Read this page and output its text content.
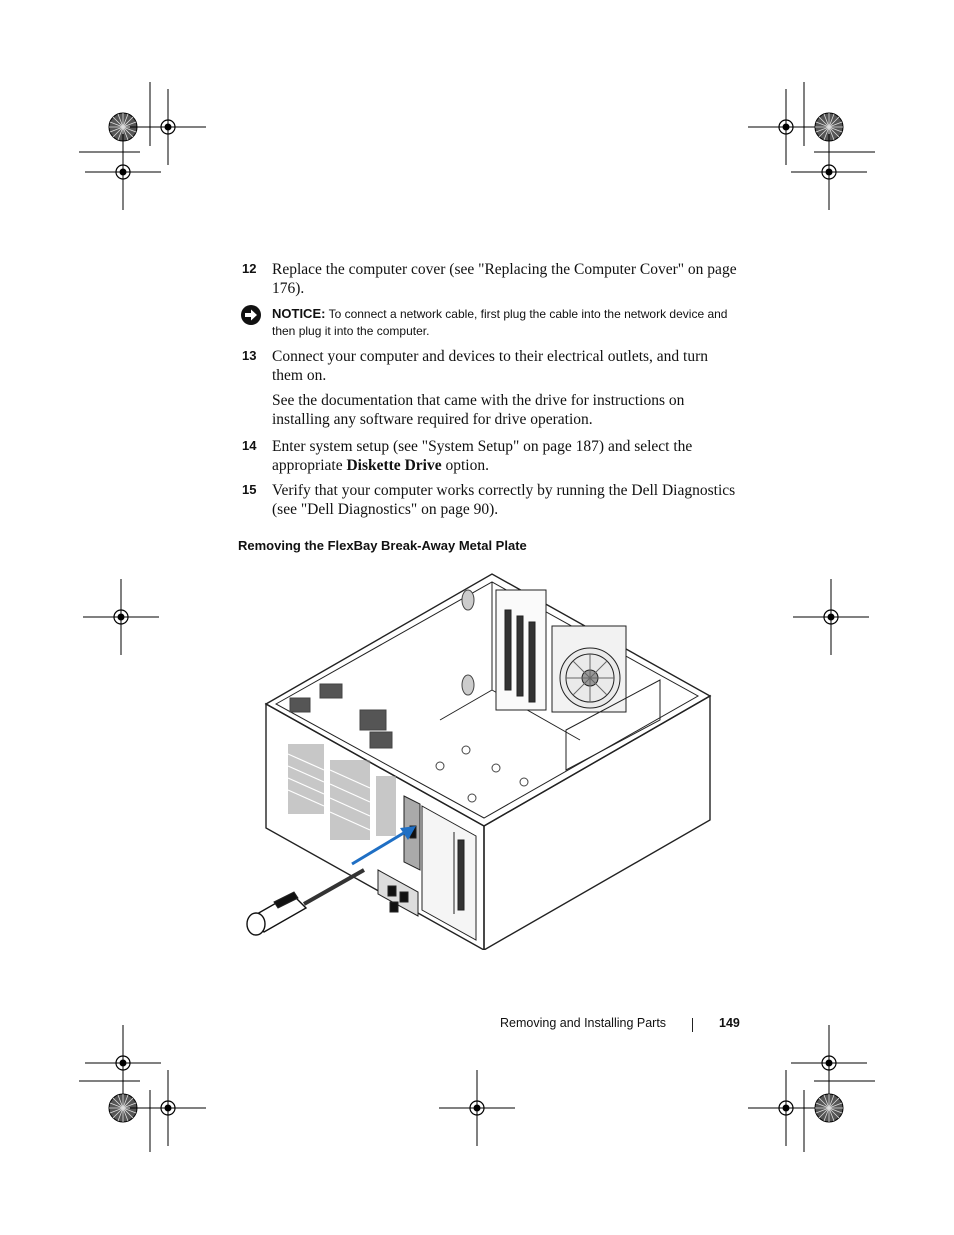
12 Replace the computer cover (see "Replacing the Computer Cover" on page 176).
NOTICE: To connect a network cable, first plug the cable into the network device and then plug it into the computer.
13 Connect your computer and devices to their electrical outlets, and turn them on.
See the documentation that came with the drive for instructions on installing any software required for drive operation.
14 Enter system setup (see "System Setup" on page 187) and select the appropriate Diskette Drive option.
15 Verify that your computer works correctly by running the Dell Diagnostics (see "Dell Diagnostics" on page 90).
Removing the FlexBay Break-Away Metal Plate
Removing and Installing Parts	149
